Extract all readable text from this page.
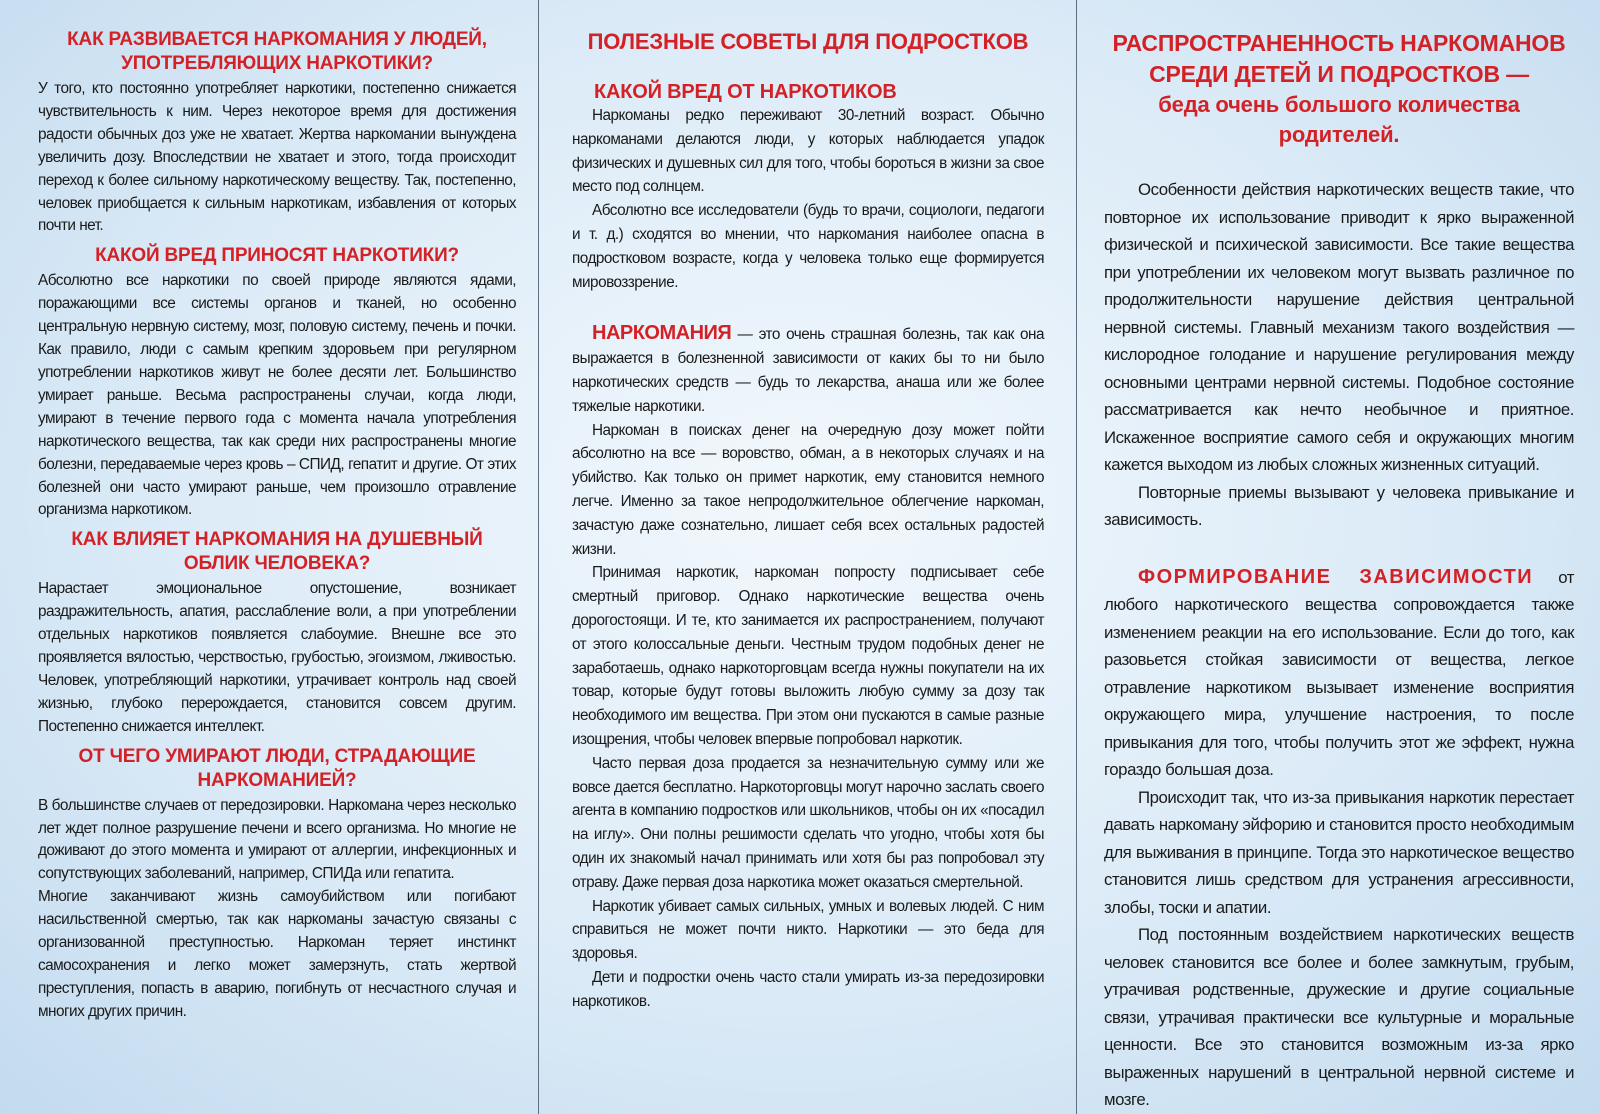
КАК РАЗВИВАЕТСЯ НАРКОМАНИЯ У ЛЮДЕЙ, УПОТРЕБЛЯЮЩИХ НАРКОТИКИ?

У того, кто постоянно употребляет наркотики, постепенно снижается чувствительность к ним. Через некоторое время для достижения радости обычных доз уже не хватает. Жертва наркомании вынуждена увеличить дозу. Впоследствии не хватает и этого, тогда происходит переход к более сильному наркотическому веществу. Так, постепенно, человек приобщается к сильным наркотикам, избавления от которых почти нет.

КАКОЙ ВРЕД ПРИНОСЯТ НАРКОТИКИ?

Абсолютно все наркотики по своей природе являются ядами, поражающими все системы органов и тканей, но особенно центральную нервную систему, мозг, половую систему, печень и почки. Как правило, люди с самым крепким здоровьем при регулярном употреблении наркотиков живут не более десяти лет. Большинство умирает раньше. Весьма распространены случаи, когда люди, умирают в течение первого года с момента начала употребления наркотического вещества, так как среди них распространены многие болезни, передаваемые через кровь – СПИД, гепатит и другие. От этих болезней они часто умирают раньше, чем произошло отравление организма наркотиком.

КАК ВЛИЯЕТ НАРКОМАНИЯ НА ДУШЕВНЫЙ ОБЛИК ЧЕЛОВЕКА?

Нарастает эмоциональное опустошение, возникает раздражительность, апатия, расслабление воли, а при употреблении отдельных наркотиков появляется слабоумие. Внешне все это проявляется вялостью, черствостью, грубостью, эгоизмом, лживостью. Человек, употребляющий наркотики, утрачивает контроль над своей жизнью, глубоко перерождается, становится совсем другим. Постепенно снижается интеллект.

ОТ ЧЕГО УМИРАЮТ ЛЮДИ, СТРАДАЮЩИЕ НАРКОМАНИЕЙ?

В большинстве случаев от передозировки. Наркомана через несколько лет ждет полное разрушение печени и всего организма. Но многие не доживают до этого момента и умирают от аллергии, инфекционных и сопутствующих заболеваний, например, СПИДа или гепатита.

Многие заканчивают жизнь самоубийством или погибают насильственной смертью, так как наркоманы зачастую связаны с организованной преступностью. Наркоман теряет инстинкт самосохранения и легко может замерзнуть, стать жертвой преступления, попасть в аварию, погибнуть от несчастного случая и многих других причин.

ПОЛЕЗНЫЕ СОВЕТЫ ДЛЯ ПОДРОСТКОВ
КАКОЙ ВРЕД ОТ НАРКОТИКОВ

Наркоманы редко переживают 30-летний возраст. Обычно наркоманами делаются люди, у которых наблюдается упадок физических и душевных сил для того, чтобы бороться в жизни за свое место под солнцем.

Абсолютно все исследователи (будь то врачи, социологи, педагоги и т. д.) сходятся во мнении, что наркомания наиболее опасна в подростковом возрасте, когда у человека только еще формируется мировоззрение.

НАРКОМАНИЯ — это очень страшная болезнь, так как она выражается в болезненной зависимости от каких бы то ни было наркотических средств — будь то лекарства, анаша или же более тяжелые наркотики.

Наркоман в поисках денег на очередную дозу может пойти абсолютно на все — воровство, обман, а в некоторых случаях и на убийство. Как только он примет наркотик, ему становится немного легче. Именно за такое непродолжительное облегчение наркоман, зачастую даже сознательно, лишает себя всех остальных радостей жизни.

Принимая наркотик, наркоман попросту подписывает себе смертный приговор. Однако наркотические вещества очень дорогостоящи. И те, кто занимается их распространением, получают от этого колоссальные деньги. Честным трудом подобных денег не заработаешь, однако наркоторговцам всегда нужны покупатели на их товар, которые будут готовы выложить любую сумму за дозу так необходимого им вещества. При этом они пускаются в самые разные изощрения, чтобы человек впервые попробовал наркотик.

Часто первая доза продается за незначительную сумму или же вовсе дается бесплатно. Наркоторговцы могут нарочно заслать своего агента в компанию подростков или школьников, чтобы он их «посадил на иглу». Они полны решимости сделать что угодно, чтобы хотя бы один их знакомый начал принимать или хотя бы раз попробовал эту отраву. Даже первая доза наркотика может оказаться смертельной.

Наркотик убивает самых сильных, умных и волевых людей. С ним справиться не может почти никто. Наркотики — это беда для здоровья.

Дети и подростки очень часто стали умирать из-за передозировки наркотиков.

РАСПРОСТРАНЕННОСТЬ НАРКОМАНОВ
СРЕДИ ДЕТЕЙ И ПОДРОСТКОВ —
беда очень большого количества родителей.

Особенности действия наркотических веществ такие, что повторное их использование приводит к ярко выраженной физической и психической зависимости. Все такие вещества при употреблении их человеком могут вызвать различное по продолжительности нарушение действия центральной нервной системы. Главный механизм такого воздействия — кислородное голодание и нарушение регулирования между основными центрами нервной системы. Подобное состояние рассматривается как нечто необычное и приятное. Искаженное восприятие самого себя и окружающих многим кажется выходом из любых сложных жизненных ситуаций.

Повторные приемы вызывают у человека привыкание и зависимость.

ФОРМИРОВАНИЕ ЗАВИСИМОСТИ от любого наркотического вещества сопровождается также изменением реакции на его использование. Если до того, как разовьется стойкая зависимости от вещества, легкое отравление наркотиком вызывает изменение восприятия окружающего мира, улучшение настроения, то после привыкания для того, чтобы получить этот же эффект, нужна гораздо большая доза.

Происходит так, что из-за привыкания наркотик перестает давать наркоману эйфорию и становится просто необходимым для выживания в принципе. Тогда это наркотическое вещество становится лишь средством для устранения агрессивности, злобы, тоски и апатии.

Под постоянным воздействием наркотических веществ человек становится все более и более замкнутым, грубым, утрачивая родственные, дружеские и другие социальные связи, утрачивая практически все культурные и моральные ценности. Все это становится возможным из-за ярко выраженных нарушений в центральной нервной системе и мозге.
